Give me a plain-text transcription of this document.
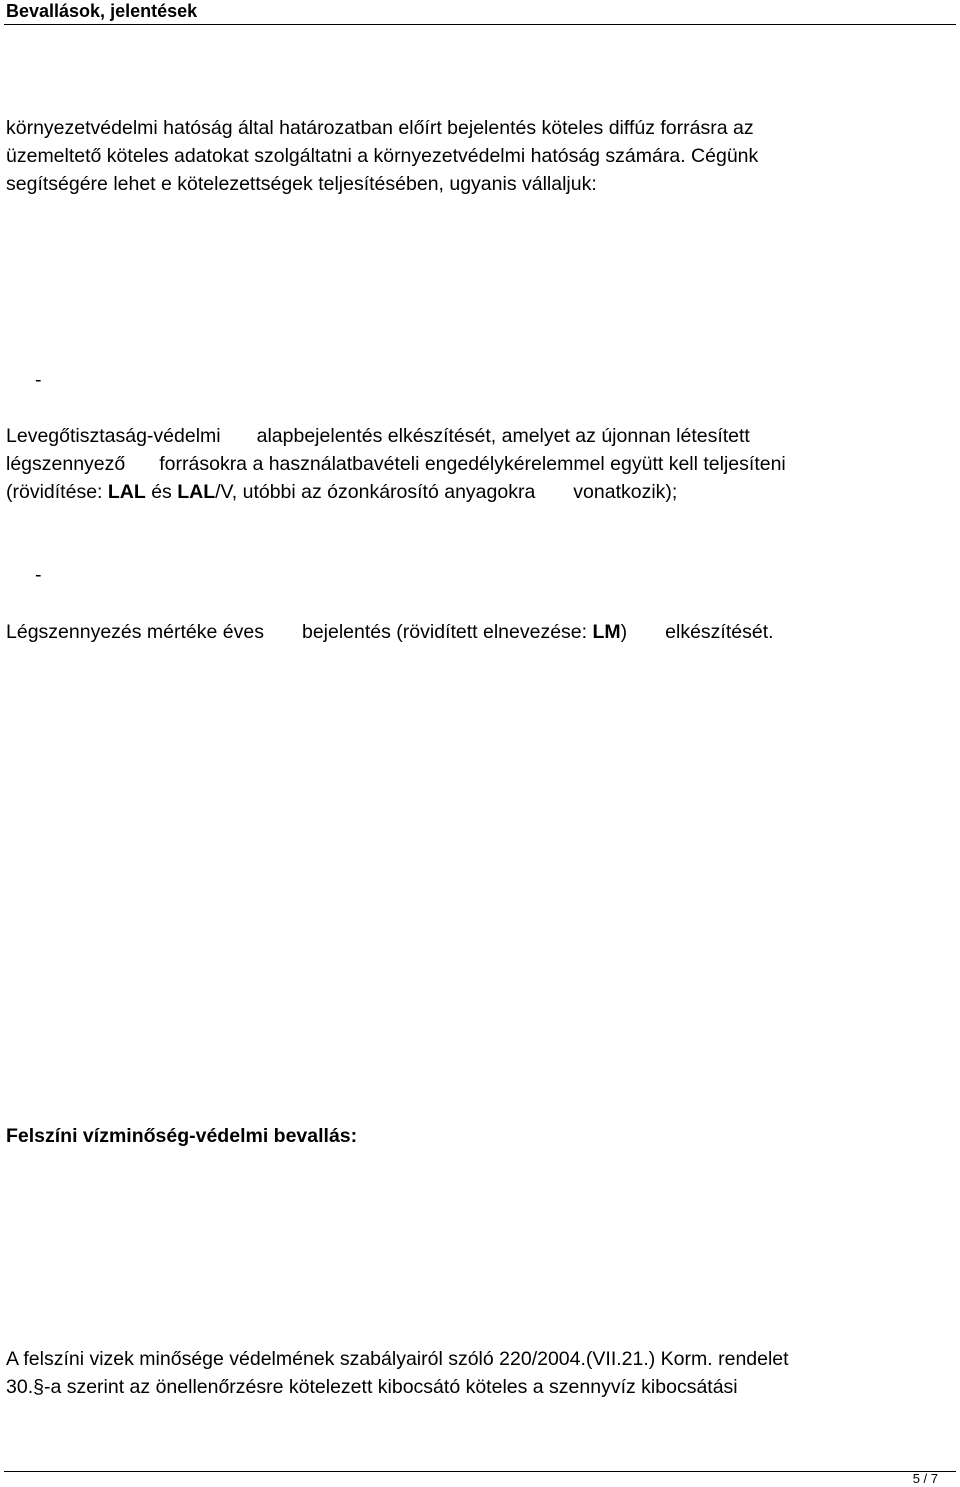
Bevallások, jelentések
környezetvédelmi hatóság által határozatban előírt bejelentés köteles diffúz forrásra az
üzemeltető köteles adatokat szolgáltatni a környezetvédelmi hatóság számára. Cégünk
segítségére lehet e kötelezettségek teljesítésében, ugyanis vállaljuk:
-
Levegőtisztaság-védelmi alapbejelentés elkészítését, amelyet az újonnan létesített
légszennyező forrásokra a használatbavételi engedélykérelemmel együtt kell teljesíteni
(rövidítése: LAL és LAL/V, utóbbi az ózonkárosító anyagokra vonatkozik);
-
Légszennyezés mértéke éves bejelentés (rövidített elnevezése: LM) elkészítését.
Felszíni vízminőség-védelmi bevallás:
A felszíni vizek minősége védelmének szabályairól szóló 220/2004.(VII.21.) Korm. rendelet
30.§-a szerint az önellenőrzésre kötelezett kibocsátó köteles a szennyvíz kibocsátási
5 / 7
